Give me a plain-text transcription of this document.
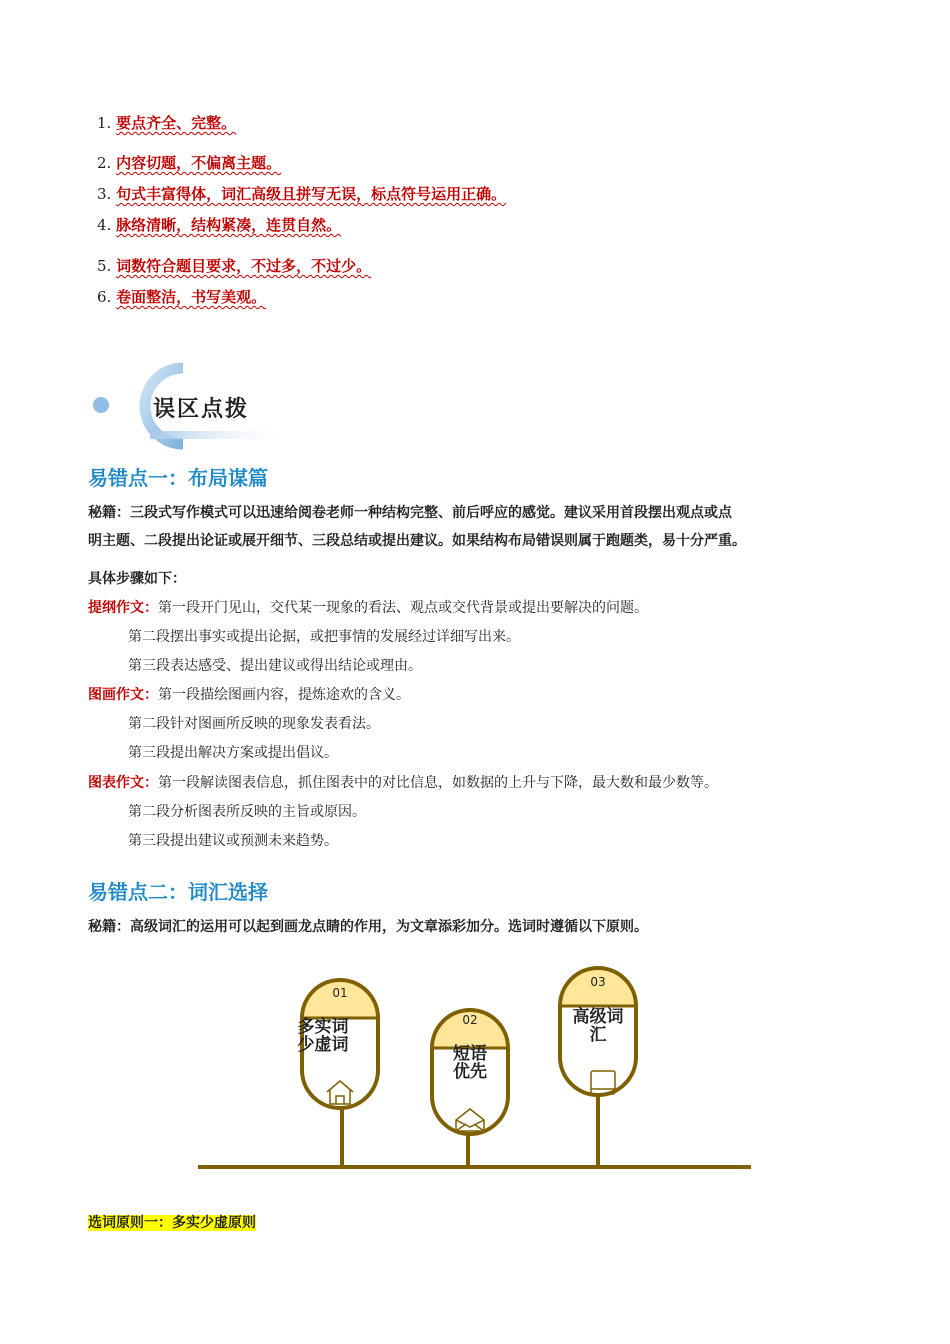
1. 要点齐全、完整。
2. 内容切题，不偏离主题。
3. 句式丰富得体，词汇高级且拼写无误，标点符号运用正确。
4. 脉络清晰，结构紧凑，连贯自然。
5. 词数符合题目要求，不过多，不过少。
6. 卷面整洁，书写美观。
误区点拨
易错点一：布局谋篇
秘籍：三段式写作模式可以迅速给阅卷老师一种结构完整、前后呼应的感觉。建议采用首段摆出观点或点
明主题、二段提出论证或展开细节、三段总结或提出建议。如果结构布局错误则属于跑题类，易十分严重。
具体步骤如下：
提纲作文：第一段开门见山，交代某一现象的看法、观点或交代背景或提出要解决的问题。
第二段摆出事实或提出论据，或把事情的发展经过详细写出来。
第三段表达感受、提出建议或得出结论或理由。
图画作文：第一段描绘图画内容，提炼途欢的含义。
第二段针对图画所反映的现象发表看法。
第三段提出解决方案或提出倡议。
图表作文：第一段解读图表信息，抓住图表中的对比信息，如数据的上升与下降，最大数和最少数等。
第二段分析图表所反映的主旨或原因。
第三段提出建议或预测未来趋势。
易错点二：词汇选择
秘籍：高级词汇的运用可以起到画龙点睛的作用，为文章添彩加分。选词时遵循以下原则。
01
多实词
少虚词
02
短语
优先
03
高级词
汇
选词原则一：多实少虚原则
